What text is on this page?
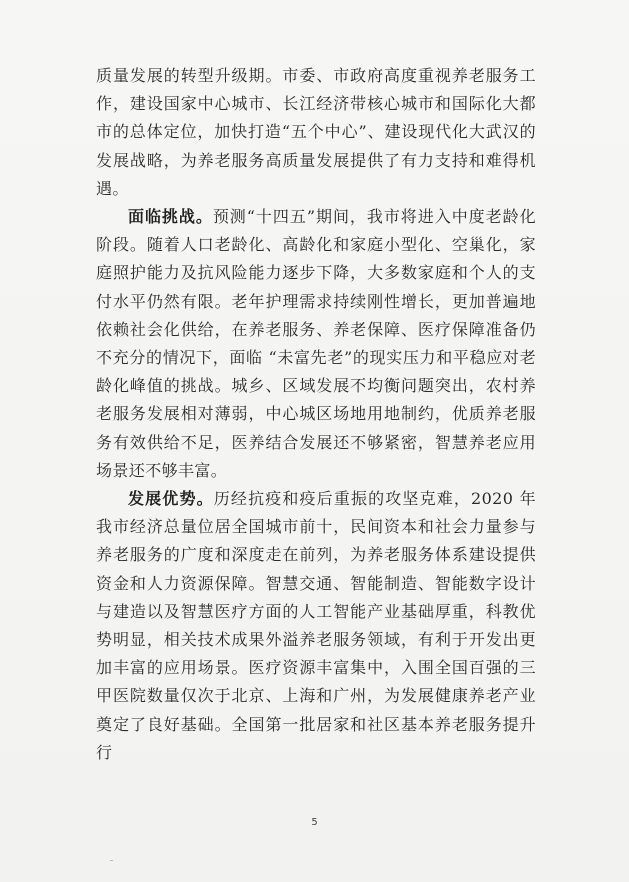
质量发展的转型升级期。市委、市政府高度重视养老服务工作，建设国家中心城市、长江经济带核心城市和国际化大都市的总体定位，加快打造“五个中心”、建设现代化大武汉的发展战略，为养老服务高质量发展提供了有力支持和难得机遇。

面临挑战。预测“十四五”期间，我市将进入中度老龄化阶段。随着人口老龄化、高龄化和家庭小型化、空巢化，家庭照护能力及抗风险能力逐步下降，大多数家庭和个人的支付水平仍然有限。老年护理需求持续刚性增长，更加普遍地依赖社会化供给，在养老服务、养老保障、医疗保障准备仍不充分的情况下，面临 “未富先老”的现实压力和平稳应对老龄化峰值的挑战。城乡、区域发展不均衡问题突出，农村养老服务发展相对薄弱，中心城区场地用地制约，优质养老服务有效供给不足，医养结合发展还不够紧密，智慧养老应用场景还不够丰富。

发展优势。历经抗疫和疫后重振的攻坚克难，2020 年我市经济总量位居全国城市前十，民间资本和社会力量参与养老服务的广度和深度走在前列，为养老服务体系建设提供资金和人力资源保障。智慧交通、智能制造、智能数字设计与建造以及智慧医疗方面的人工智能产业基础厚重，科教优势明显，相关技术成果外溢养老服务领域，有利于开发出更加丰富的应用场景。医疗资源丰富集中，入围全国百强的三甲医院数量仅次于北京、上海和广州，为发展健康养老产业奠定了良好基础。全国第一批居家和社区基本养老服务提升行

5
